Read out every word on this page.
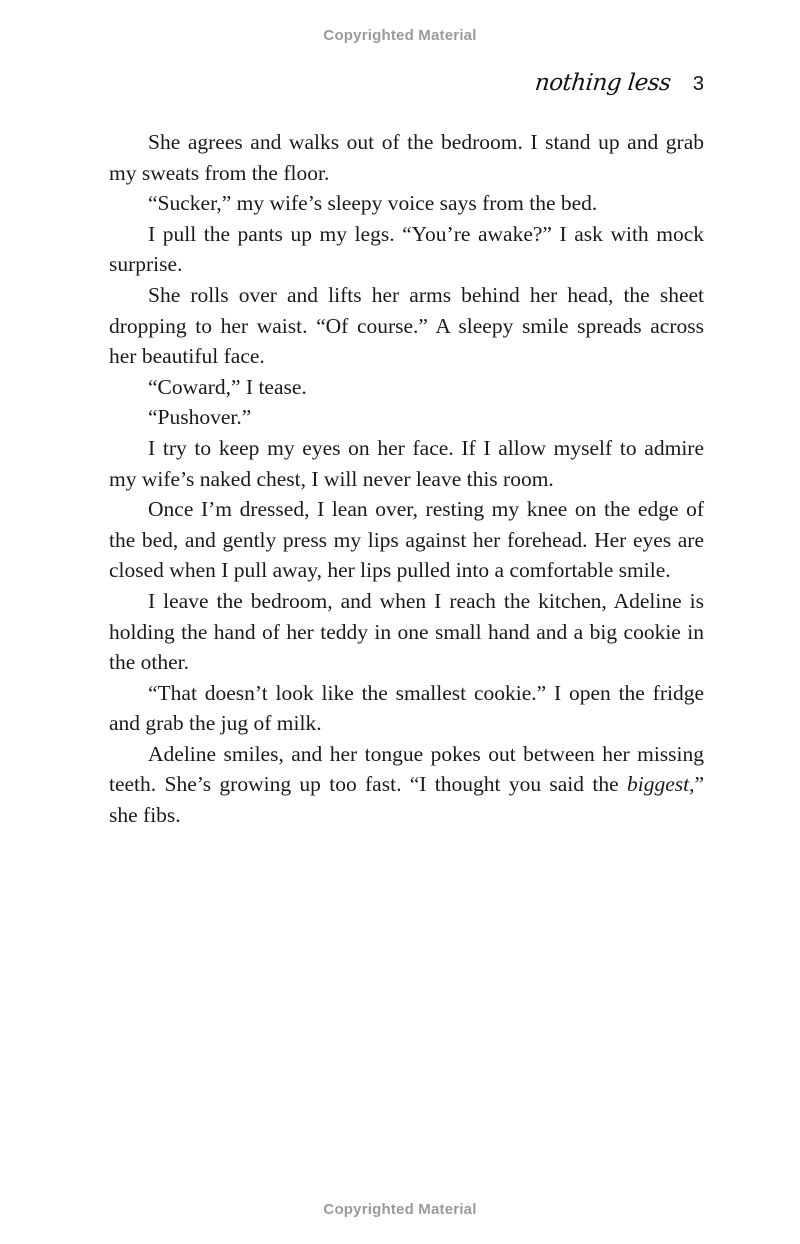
Copyrighted Material
nothing less 3

She agrees and walks out of the bedroom. I stand up and grab my sweats from the floor.

“Sucker,” my wife’s sleepy voice says from the bed.

I pull the pants up my legs. “You’re awake?” I ask with mock surprise.

She rolls over and lifts her arms behind her head, the sheet dropping to her waist. “Of course.” A sleepy smile spreads across her beautiful face.

“Coward,” I tease.

“Pushover.”

I try to keep my eyes on her face. If I allow myself to admire my wife’s naked chest, I will never leave this room.

Once I’m dressed, I lean over, resting my knee on the edge of the bed, and gently press my lips against her forehead. Her eyes are closed when I pull away, her lips pulled into a comfortable smile.

I leave the bedroom, and when I reach the kitchen, Adeline is holding the hand of her teddy in one small hand and a big cookie in the other.

“That doesn’t look like the smallest cookie.” I open the fridge and grab the jug of milk.

Adeline smiles, and her tongue pokes out between her missing teeth. She’s growing up too fast. “I thought you said the biggest,” she fibs.

Copyrighted Material
